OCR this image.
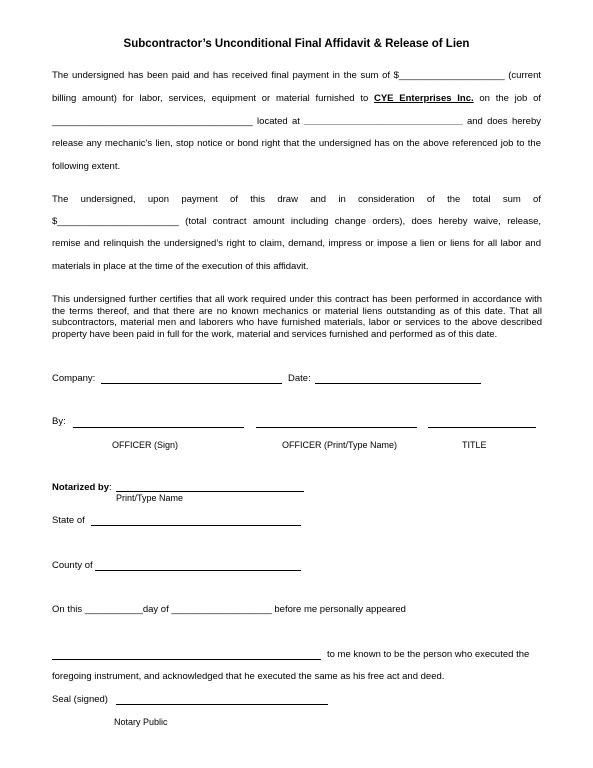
Subcontractor’s Unconditional Final Affidavit & Release of Lien
The undersigned has been paid and has received final payment in the sum of $____________________ (current
billing amount) for labor, services, equipment or material furnished to CYE Enterprises Inc. on the job of
______________________________________ located at ______________________________ and does hereby
release any mechanic's lien, stop notice or bond right that the undersigned has on the above referenced job to the
following extent.
The undersigned, upon payment of this draw and in consideration of the total sum of
$_______________________ (total contract amount including change orders), does hereby waive, release,
remise and relinquish the undersigned’s right to claim, demand, impress or impose a lien or liens for all labor and
materials in place at the time of the execution of this affidavit.
This undersigned further certifies that all work required under this contract has been performed in accordance with the terms thereof, and that there are no known mechanics or material liens outstanding as of this date. That all subcontractors, material men and laborers who have furnished materials, labor or services to the above described property have been paid in full for the work, material and services furnished and performed as of this date.
Company:	Date:
By:
OFFICER (Sign)	OFFICER (Print/Type Name)	TITLE
Notarized by:
Print/Type Name
State of
County of
On this ___________day of ___________________ before me personally appeared
to me known to be the person who executed the
foregoing instrument, and acknowledged that he executed the same as his free act and deed.
Seal (signed)
Notary Public
